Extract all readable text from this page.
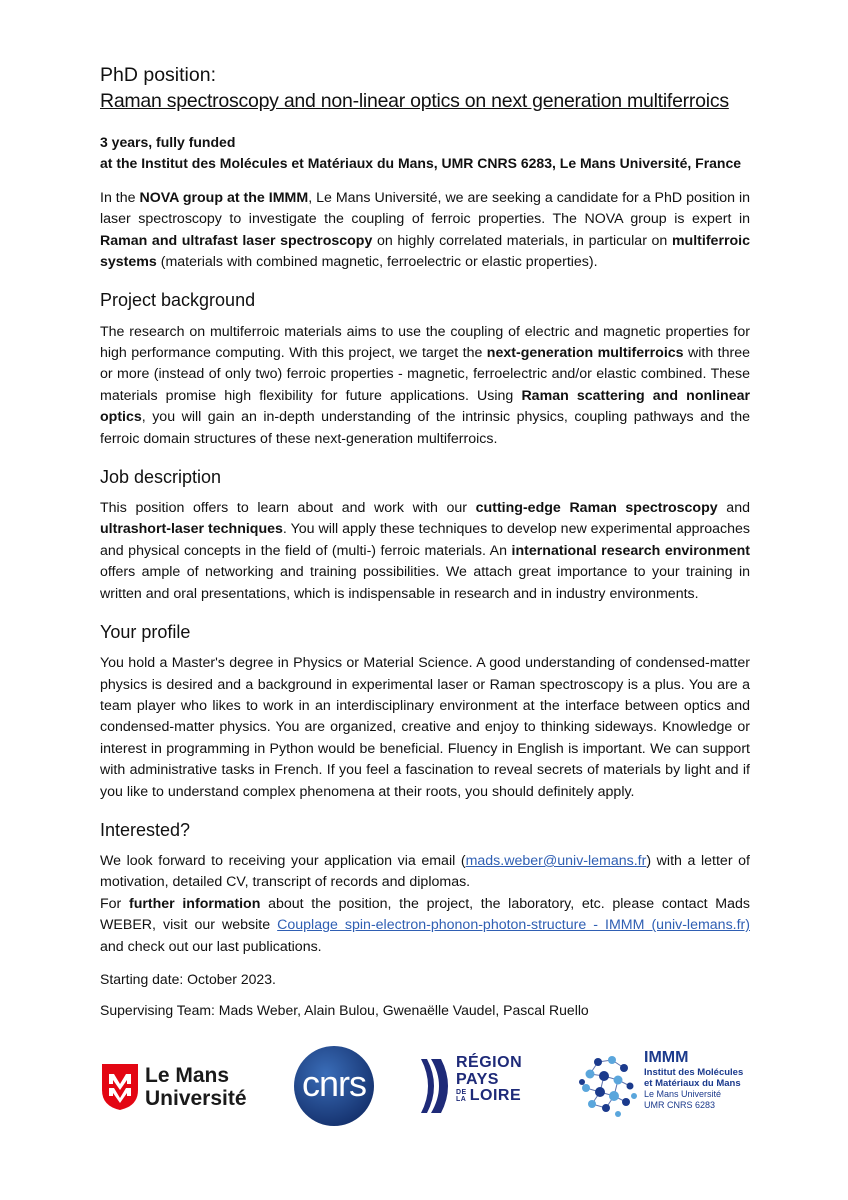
PhD position:
Raman spectroscopy and non-linear optics on next generation multiferroics

3 years, fully funded

at the Institut des Molécules et Matériaux du Mans, UMR CNRS 6283, Le Mans Université, France

In the NOVA group at the IMMM, Le Mans Université, we are seeking a candidate for a PhD position in laser spectroscopy to investigate the coupling of ferroic properties. The NOVA group is expert in Raman and ultrafast laser spectroscopy on highly correlated materials, in particular on multiferroic systems (materials with combined magnetic, ferroelectric or elastic properties).

Project background

The research on multiferroic materials aims to use the coupling of electric and magnetic properties for high performance computing. With this project, we target the next-generation multiferroics with three or more (instead of only two) ferroic properties - magnetic, ferroelectric and/or elastic combined. These materials promise high flexibility for future applications. Using Raman scattering and nonlinear optics, you will gain an in-depth understanding of the intrinsic physics, coupling pathways and the ferroic domain structures of these next-generation multiferroics.

Job description

This position offers to learn about and work with our cutting-edge Raman spectroscopy and ultrashort-laser techniques. You will apply these techniques to develop new experimental approaches and physical concepts in the field of (multi-) ferroic materials. An international research environment offers ample of networking and training possibilities. We attach great importance to your training in written and oral presentations, which is indispensable in research and in industry environments.

Your profile

You hold a Master's degree in Physics or Material Science. A good understanding of condensed-matter physics is desired and a background in experimental laser or Raman spectroscopy is a plus. You are a team player who likes to work in an interdisciplinary environment at the interface between optics and condensed-matter physics. You are organized, creative and enjoy to thinking sideways. Knowledge or interest in programming in Python would be beneficial. Fluency in English is important. We can support with administrative tasks in French. If you feel a fascination to reveal secrets of materials by light and if you like to understand complex phenomena at their roots, you should definitely apply.

Interested?

We look forward to receiving your application via email (mads.weber@univ-lemans.fr) with a letter of motivation, detailed CV, transcript of records and diplomas.

For further information about the position, the project, the laboratory, etc. please contact Mads WEBER, visit our website Couplage spin-electron-phonon-photon-structure - IMMM (univ-lemans.fr) and check out our last publications.

Starting date: October 2023.

Supervising Team: Mads Weber, Alain Bulou, Gwenaëlle Vaudel, Pascal Ruello

Le Mans
Université	cnrs
RÉGION
PAYS
DE
LA LOIRE
IMMM
Institut des Molécules
et Matériaux du Mans
Le Mans Université
UMR CNRS 6283
